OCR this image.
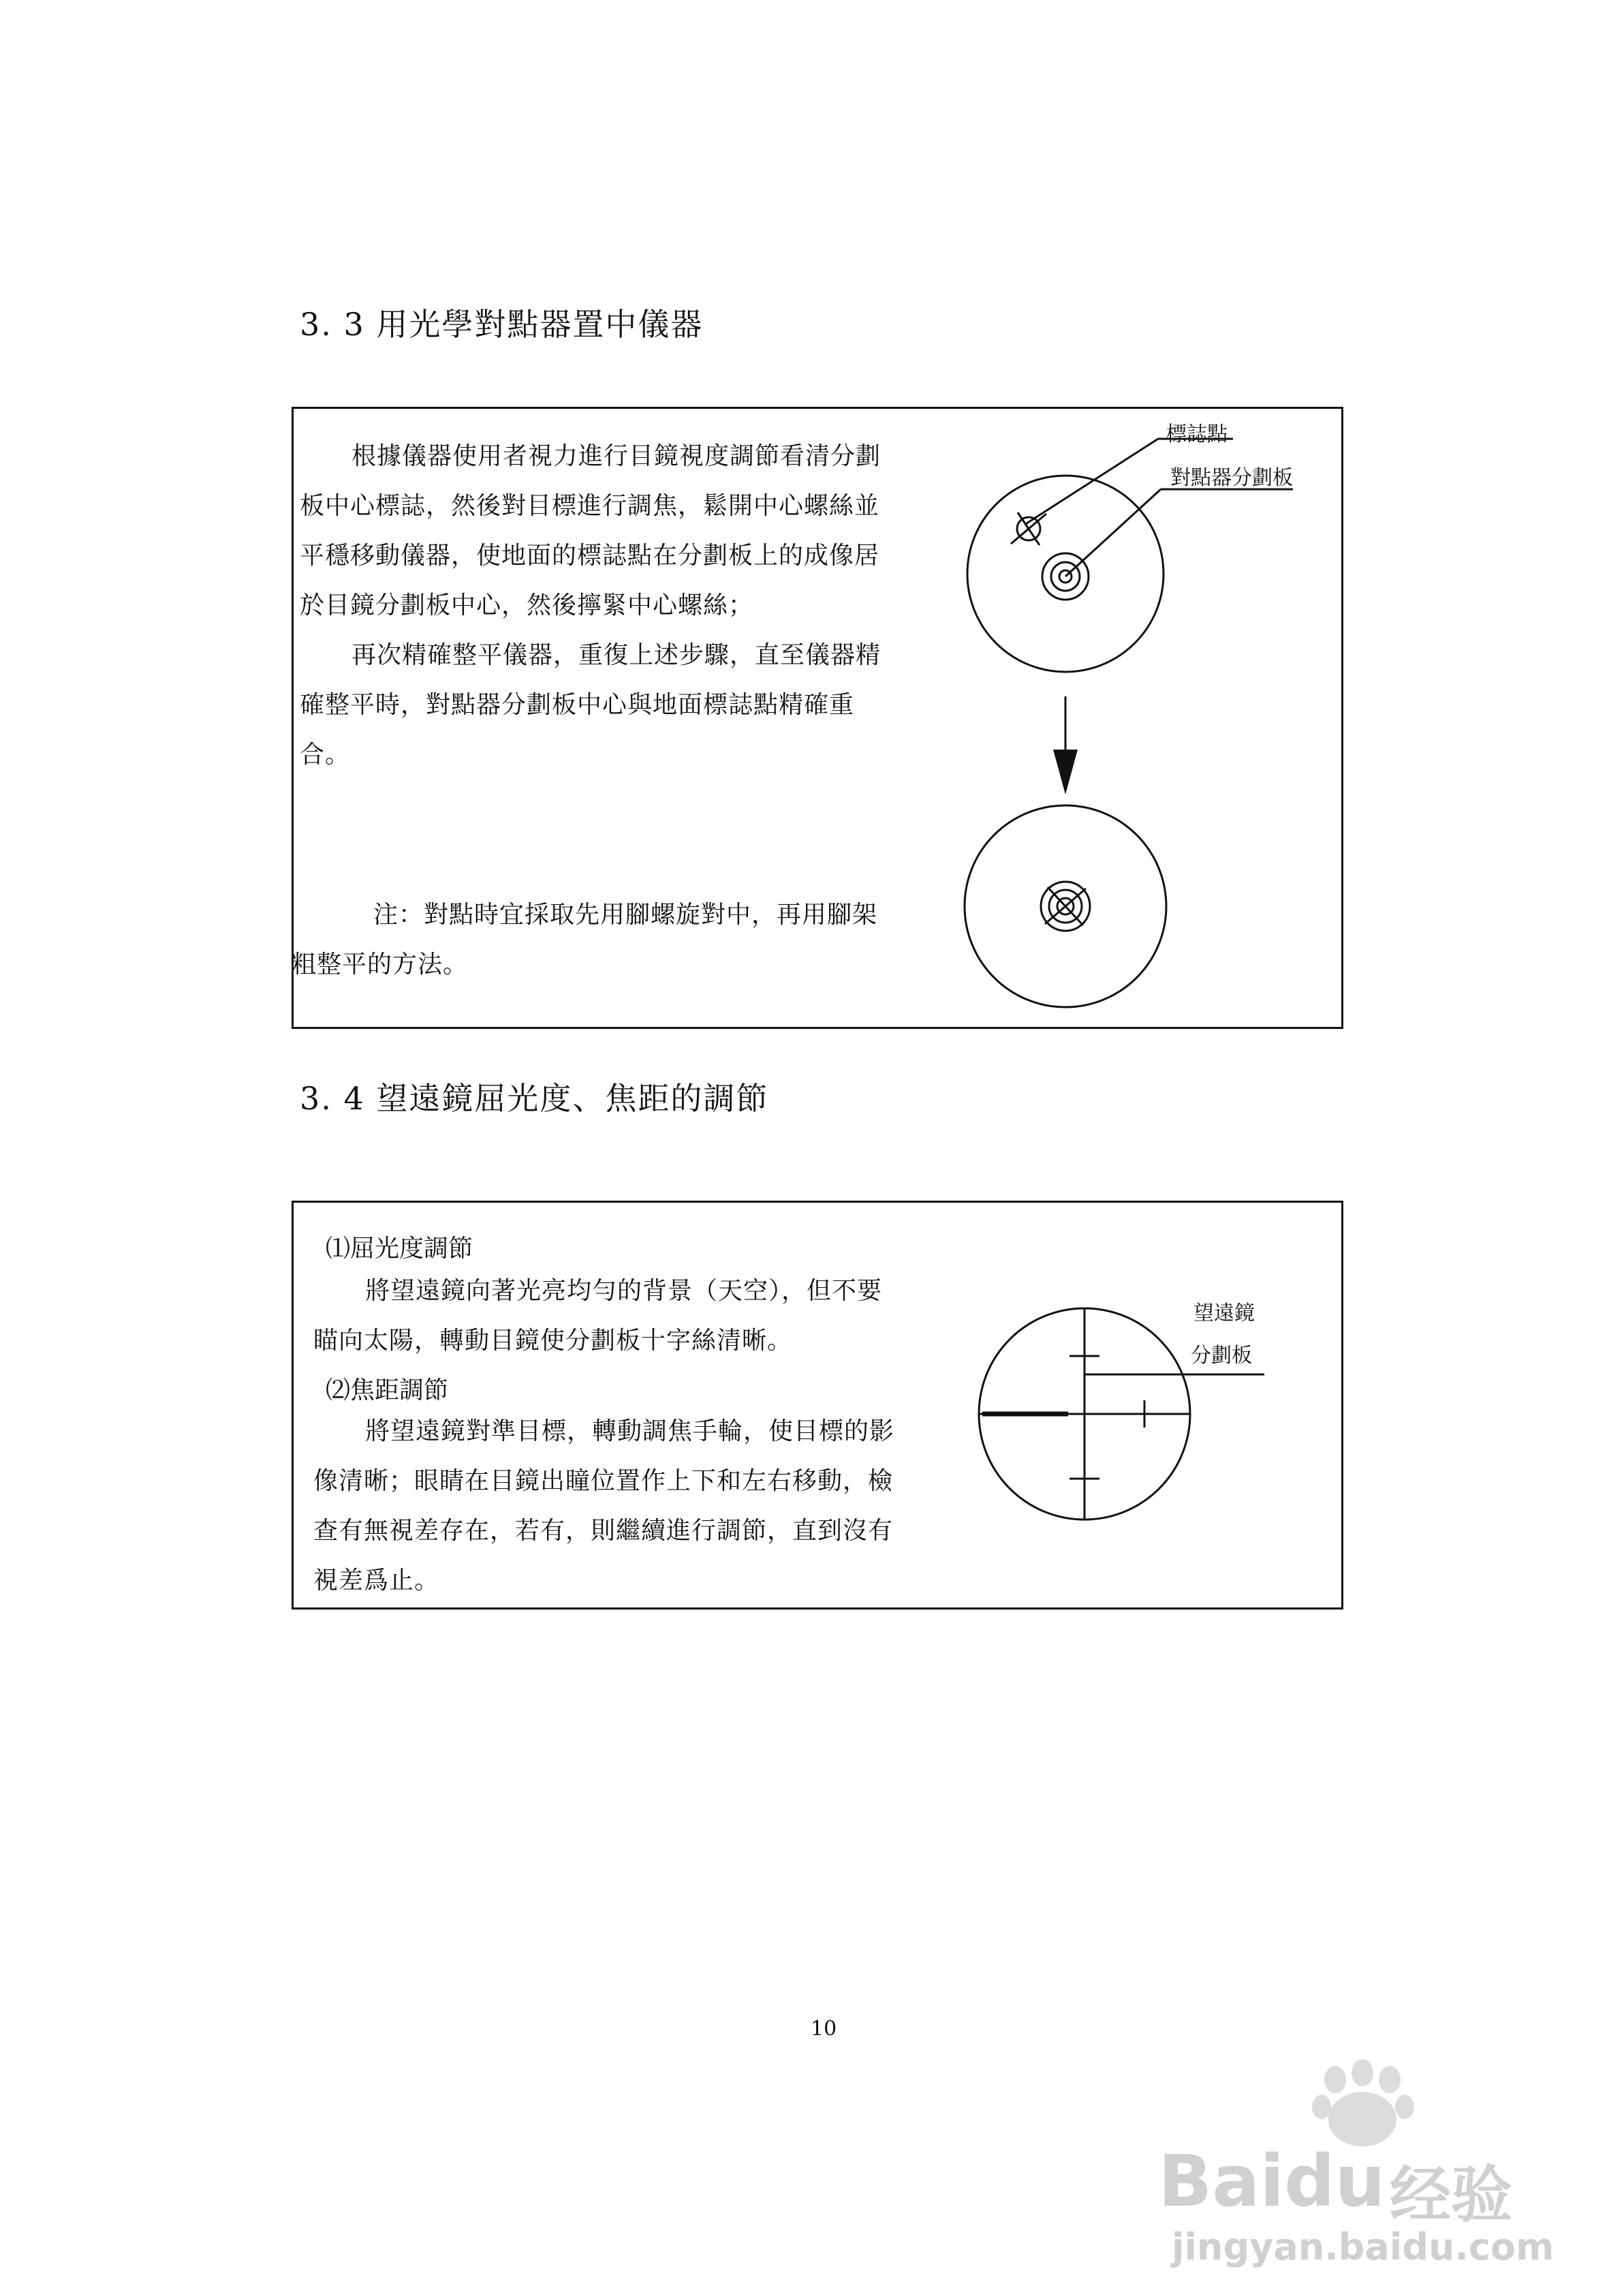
3. 3 用光學對點器置中儀器

根據儀器使用者視力進行目鏡視度調節看清分劃板中心標誌，然後對目標進行調焦，鬆開中心螺絲並平穩移動儀器，使地面的標誌點在分劃板上的成像居於目鏡分劃板中心，然後擰緊中心螺絲；

再次精確整平儀器，重復上述步驟，直至儀器精確整平時，對點器分劃板中心與地面標誌點精確重合。

注：對點時宜採取先用腳螺旋對中，再用腳架粗整平的方法。

標誌點
對點器分劃板
3. 4 望遠鏡屈光度、焦距的調節
⑴屈光度調節

將望遠鏡向著光亮均勻的背景（天空），但不要瞄向太陽，轉動目鏡使分劃板十字絲清晰。

⑵焦距調節

將望遠鏡對準目標，轉動調焦手輪，使目標的影像清晰；眼睛在目鏡出瞳位置作上下和左右移動，檢查有無視差存在，若有，則繼續進行調節，直到沒有視差爲止。

望遠鏡
分劃板
10
Baidu 经验
jingyan.baidu.com
